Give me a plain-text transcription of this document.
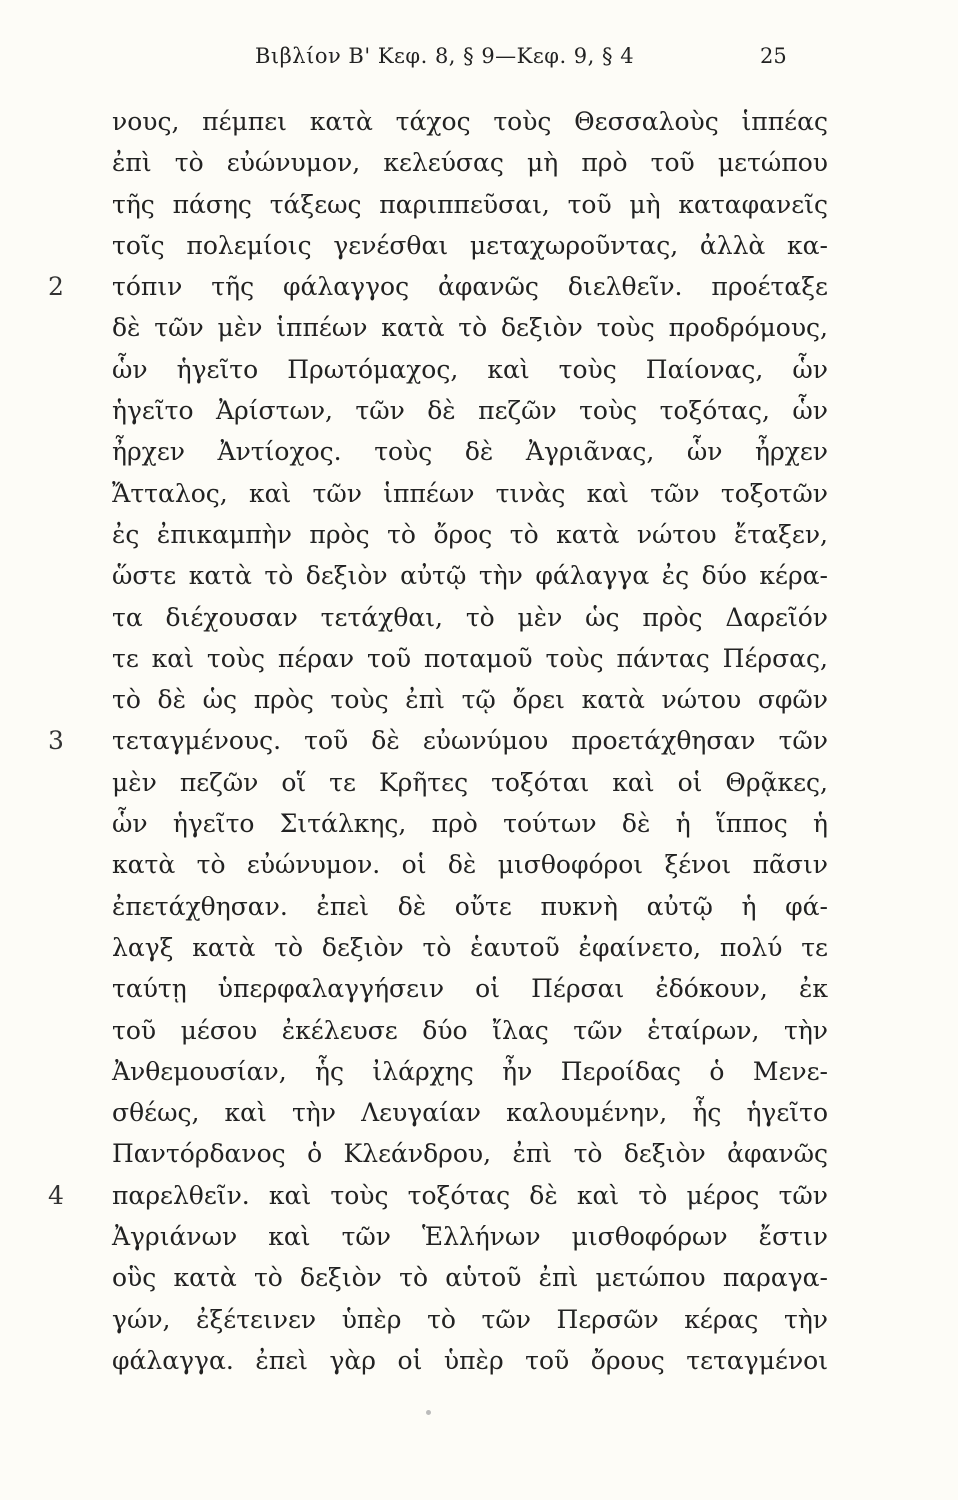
Βιβλίον Β' Κεφ. 8, § 9—Κεφ. 9, § 4	25
νους, πέμπει κατὰ τάχος τοὺς Θεσσαλοὺς ἱππέας
ἐπὶ τὸ εὐώνυμον, κελεύσας μὴ πρὸ τοῦ μετώπου
τῆς πάσης τάξεως παριππεῦσαι, τοῦ μὴ καταφανεῖς
τοῖς πολεμίοις γενέσθαι μεταχωροῦντας, ἀλλὰ κα-
2 τόπιν τῆς φάλαγγος ἀφανῶς διελθεῖν. προέταξε
δὲ τῶν μὲν ἱππέων κατὰ τὸ δεξιὸν τοὺς προδρόμους,
ὧν ἡγεῖτο Πρωτόμαχος, καὶ τοὺς Παίονας, ὧν
ἡγεῖτο Ἀρίστων, τῶν δὲ πεζῶν τοὺς τοξότας, ὧν
ἦρχεν Ἀντίοχος. τοὺς δὲ Ἀγριᾶνας, ὧν ἦρχεν
Ἄτταλος, καὶ τῶν ἱππέων τινὰς καὶ τῶν τοξοτῶν
ἐς ἐπικαμπὴν πρὸς τὸ ὄρος τὸ κατὰ νώτου ἔταξεν,
ὥστε κατὰ τὸ δεξιὸν αὐτῷ τὴν φάλαγγα ἐς δύο κέρα-
τα διέχουσαν τετάχθαι, τὸ μὲν ὡς πρὸς Δαρεῖόν
τε καὶ τοὺς πέραν τοῦ ποταμοῦ τοὺς πάντας Πέρσας,
τὸ δὲ ὡς πρὸς τοὺς ἐπὶ τῷ ὄρει κατὰ νώτου σφῶν
3 τεταγμένους. τοῦ δὲ εὐωνύμου προετάχθησαν τῶν
μὲν πεζῶν οἵ τε Κρῆτες τοξόται καὶ οἱ Θρᾷκες,
ὧν ἡγεῖτο Σιτάλκης, πρὸ τούτων δὲ ἡ ἵππος ἡ
κατὰ τὸ εὐώνυμον. οἱ δὲ μισθοφόροι ξένοι πᾶσιν
ἐπετάχθησαν. ἐπεὶ δὲ οὔτε πυκνὴ αὐτῷ ἡ φά-
λαγξ κατὰ τὸ δεξιὸν τὸ ἑαυτοῦ ἐφαίνετο, πολύ τε
ταύτῃ ὑπερφαλαγγήσειν οἱ Πέρσαι ἐδόκουν, ἐκ
τοῦ μέσου ἐκέλευσε δύο ἴλας τῶν ἑταίρων, τὴν
Ἀνθεμουσίαν, ἧς ἰλάρχης ἦν Περοίδας ὁ Μενε-
σθέως, καὶ τὴν Λευγαίαν καλουμένην, ἧς ἡγεῖτο
Παντόρδανος ὁ Κλεάνδρου, ἐπὶ τὸ δεξιὸν ἀφανῶς
4 παρελθεῖν. καὶ τοὺς τοξότας δὲ καὶ τὸ μέρος τῶν
Ἀγριάνων καὶ τῶν Ἑλλήνων μισθοφόρων ἔστιν
οὓς κατὰ τὸ δεξιὸν τὸ αὑτοῦ ἐπὶ μετώπου παραγα-
γών, ἐξέτεινεν ὑπὲρ τὸ τῶν Περσῶν κέρας τὴν
φάλαγγα. ἐπεὶ γὰρ οἱ ὑπὲρ τοῦ ὄρους τεταγμένοι
